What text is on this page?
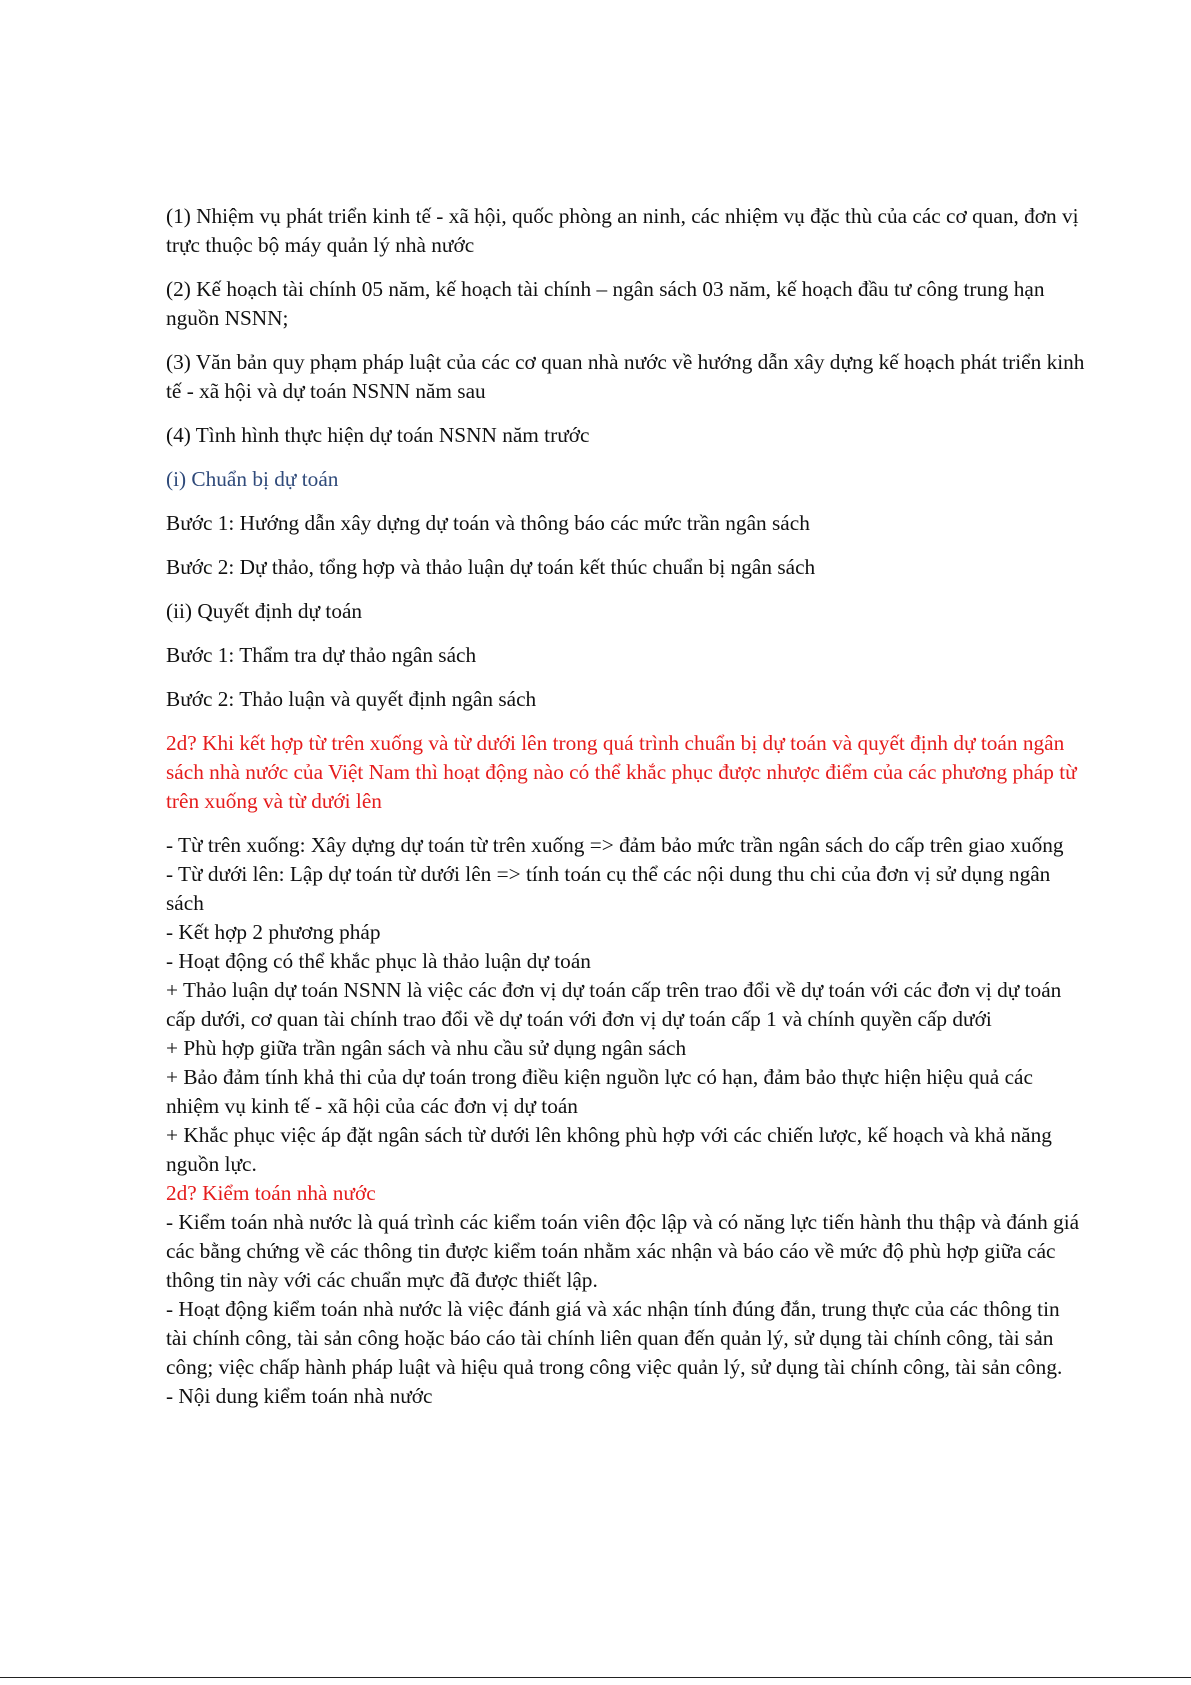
(1) Nhiệm vụ phát triển kinh tế - xã hội, quốc phòng an ninh, các nhiệm vụ đặc thù của các cơ quan, đơn vị trực thuộc bộ máy quản lý nhà nước

(2) Kế hoạch tài chính 05 năm, kế hoạch tài chính – ngân sách 03 năm, kế hoạch đầu tư công trung hạn nguồn NSNN;

(3) Văn bản quy phạm pháp luật của các cơ quan nhà nước về hướng dẫn xây dựng kế hoạch phát triển kinh tế - xã hội và dự toán NSNN năm sau

(4) Tình hình thực hiện dự toán NSNN năm trước

(i) Chuẩn bị dự toán

Bước 1: Hướng dẫn xây dựng dự toán và thông báo các mức trần ngân sách

Bước 2: Dự thảo, tổng hợp và thảo luận dự toán kết thúc chuẩn bị ngân sách

(ii) Quyết định dự toán

Bước 1: Thẩm tra dự thảo ngân sách

Bước 2: Thảo luận và quyết định ngân sách

2d? Khi kết hợp từ trên xuống và từ dưới lên trong quá trình chuẩn bị dự toán và quyết định dự toán ngân sách nhà nước của Việt Nam thì hoạt động nào có thể khắc phục được nhược điểm của các phương pháp từ trên xuống và từ dưới lên

- Từ trên xuống: Xây dựng dự toán từ trên xuống => đảm bảo mức trần ngân sách do cấp trên giao xuống

- Từ dưới lên: Lập dự toán từ dưới lên => tính toán cụ thể các nội dung thu chi của đơn vị sử dụng ngân sách

- Kết hợp 2 phương pháp

- Hoạt động có thể khắc phục là thảo luận dự toán

+ Thảo luận dự toán NSNN là việc các đơn vị dự toán cấp trên trao đổi về dự toán với các đơn vị dự toán cấp dưới, cơ quan tài chính trao đổi về dự toán với đơn vị dự toán cấp 1 và chính quyền cấp dưới

+ Phù hợp giữa trần ngân sách và nhu cầu sử dụng ngân sách

+ Bảo đảm tính khả thi của dự toán trong điều kiện nguồn lực có hạn, đảm bảo thực hiện hiệu quả các nhiệm vụ kinh tế - xã hội của các đơn vị dự toán

+ Khắc phục việc áp đặt ngân sách từ dưới lên không phù hợp với các chiến lược, kế hoạch và khả năng nguồn lực.

2d? Kiểm toán nhà nước

- Kiểm toán nhà nước là quá trình các kiểm toán viên độc lập và có năng lực tiến hành thu thập và đánh giá các bằng chứng về các thông tin được kiểm toán nhằm xác nhận và báo cáo về mức độ phù hợp giữa các thông tin này với các chuẩn mực đã được thiết lập.

- Hoạt động kiểm toán nhà nước là việc đánh giá và xác nhận tính đúng đắn, trung thực của các thông tin tài chính công, tài sản công hoặc báo cáo tài chính liên quan đến quản lý, sử dụng tài chính công, tài sản công; việc chấp hành pháp luật và hiệu quả trong công việc quản lý, sử dụng tài chính công, tài sản công.

- Nội dung kiểm toán nhà nước
